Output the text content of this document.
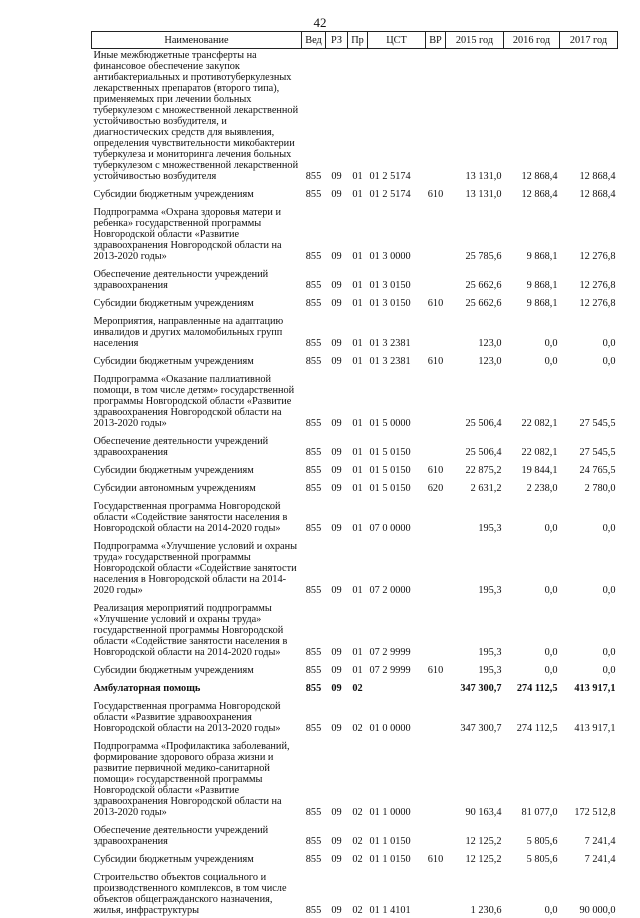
42
Наименование	Вед	РЗ	Пр	ЦСТ	ВР	2015 год	2016 год	2017 год
Иные межбюджетные трансферты на финансовое обеспечение закупок антибактериальных и противотуберкулезных лекарственных препаратов (второго типа), применяемых при лечении больных туберкулезом с множественной лекарственной устойчивостью возбудителя, и диагностических средств для выявления, определения чувствительности микобактерии туберкулеза и мониторинга лечения больных туберкулезом с множественной лекарственной устойчивостью возбудителя	855	09	01	01 2 5174		13 131,0	12 868,4	12 868,4
Субсидии бюджетным учреждениям	855	09	01	01 2 5174	610	13 131,0	12 868,4	12 868,4
Подпрограмма «Охрана здоровья матери и ребенка» государственной программы Новгородской области «Развитие здравоохранения Новгородской области на 2013-2020 годы»	855	09	01	01 3 0000		25 785,6	9 868,1	12 276,8
Обеспечение деятельности учреждений здравоохранения	855	09	01	01 3 0150		25 662,6	9 868,1	12 276,8
Субсидии бюджетным учреждениям	855	09	01	01 3 0150	610	25 662,6	9 868,1	12 276,8
Мероприятия, направленные на адаптацию инвалидов и других маломобильных групп населения	855	09	01	01 3 2381		123,0	0,0	0,0
Субсидии бюджетным учреждениям	855	09	01	01 3 2381	610	123,0	0,0	0,0
Подпрограмма «Оказание паллиативной помощи, в том числе детям» государственной программы Новгородской области «Развитие здравоохранения Новгородской области на 2013-2020 годы»	855	09	01	01 5 0000		25 506,4	22 082,1	27 545,5
Обеспечение деятельности учреждений здравоохранения	855	09	01	01 5 0150		25 506,4	22 082,1	27 545,5
Субсидии бюджетным учреждениям	855	09	01	01 5 0150	610	22 875,2	19 844,1	24 765,5
Субсидии автономным учреждениям	855	09	01	01 5 0150	620	2 631,2	2 238,0	2 780,0
Государственная программа Новгородской области «Содействие занятости населения в Новгородской области на 2014-2020 годы»	855	09	01	07 0 0000		195,3	0,0	0,0
Подпрограмма «Улучшение условий и охраны труда» государственной программы Новгородской области «Содействие занятости населения в Новгородской области на 2014-2020 годы»	855	09	01	07 2 0000		195,3	0,0	0,0
Реализация мероприятий подпрограммы «Улучшение условий и охраны труда» государственной программы Новгородской области «Содействие занятости населения в Новгородской области на 2014-2020 годы»	855	09	01	07 2 9999		195,3	0,0	0,0
Субсидии бюджетным учреждениям	855	09	01	07 2 9999	610	195,3	0,0	0,0
Амбулаторная помощь	855	09	02			347 300,7	274 112,5	413 917,1
Государственная программа Новгородской области «Развитие здравоохранения Новгородской области на 2013-2020 годы»	855	09	02	01 0 0000		347 300,7	274 112,5	413 917,1
Подпрограмма «Профилактика заболеваний, формирование здорового образа жизни и развитие первичной медико-санитарной помощи» государственной программы Новгородской области «Развитие здравоохранения Новгородской области на 2013-2020 годы»	855	09	02	01 1 0000		90 163,4	81 077,0	172 512,8
Обеспечение деятельности учреждений здравоохранения	855	09	02	01 1 0150		12 125,2	5 805,6	7 241,4
Субсидии бюджетным учреждениям	855	09	02	01 1 0150	610	12 125,2	5 805,6	7 241,4
Строительство объектов социального и производственного комплексов, в том числе объектов общегражданского назначения, жилья, инфраструктуры	855	09	02	01 1 4101		1 230,6	0,0	90 000,0
